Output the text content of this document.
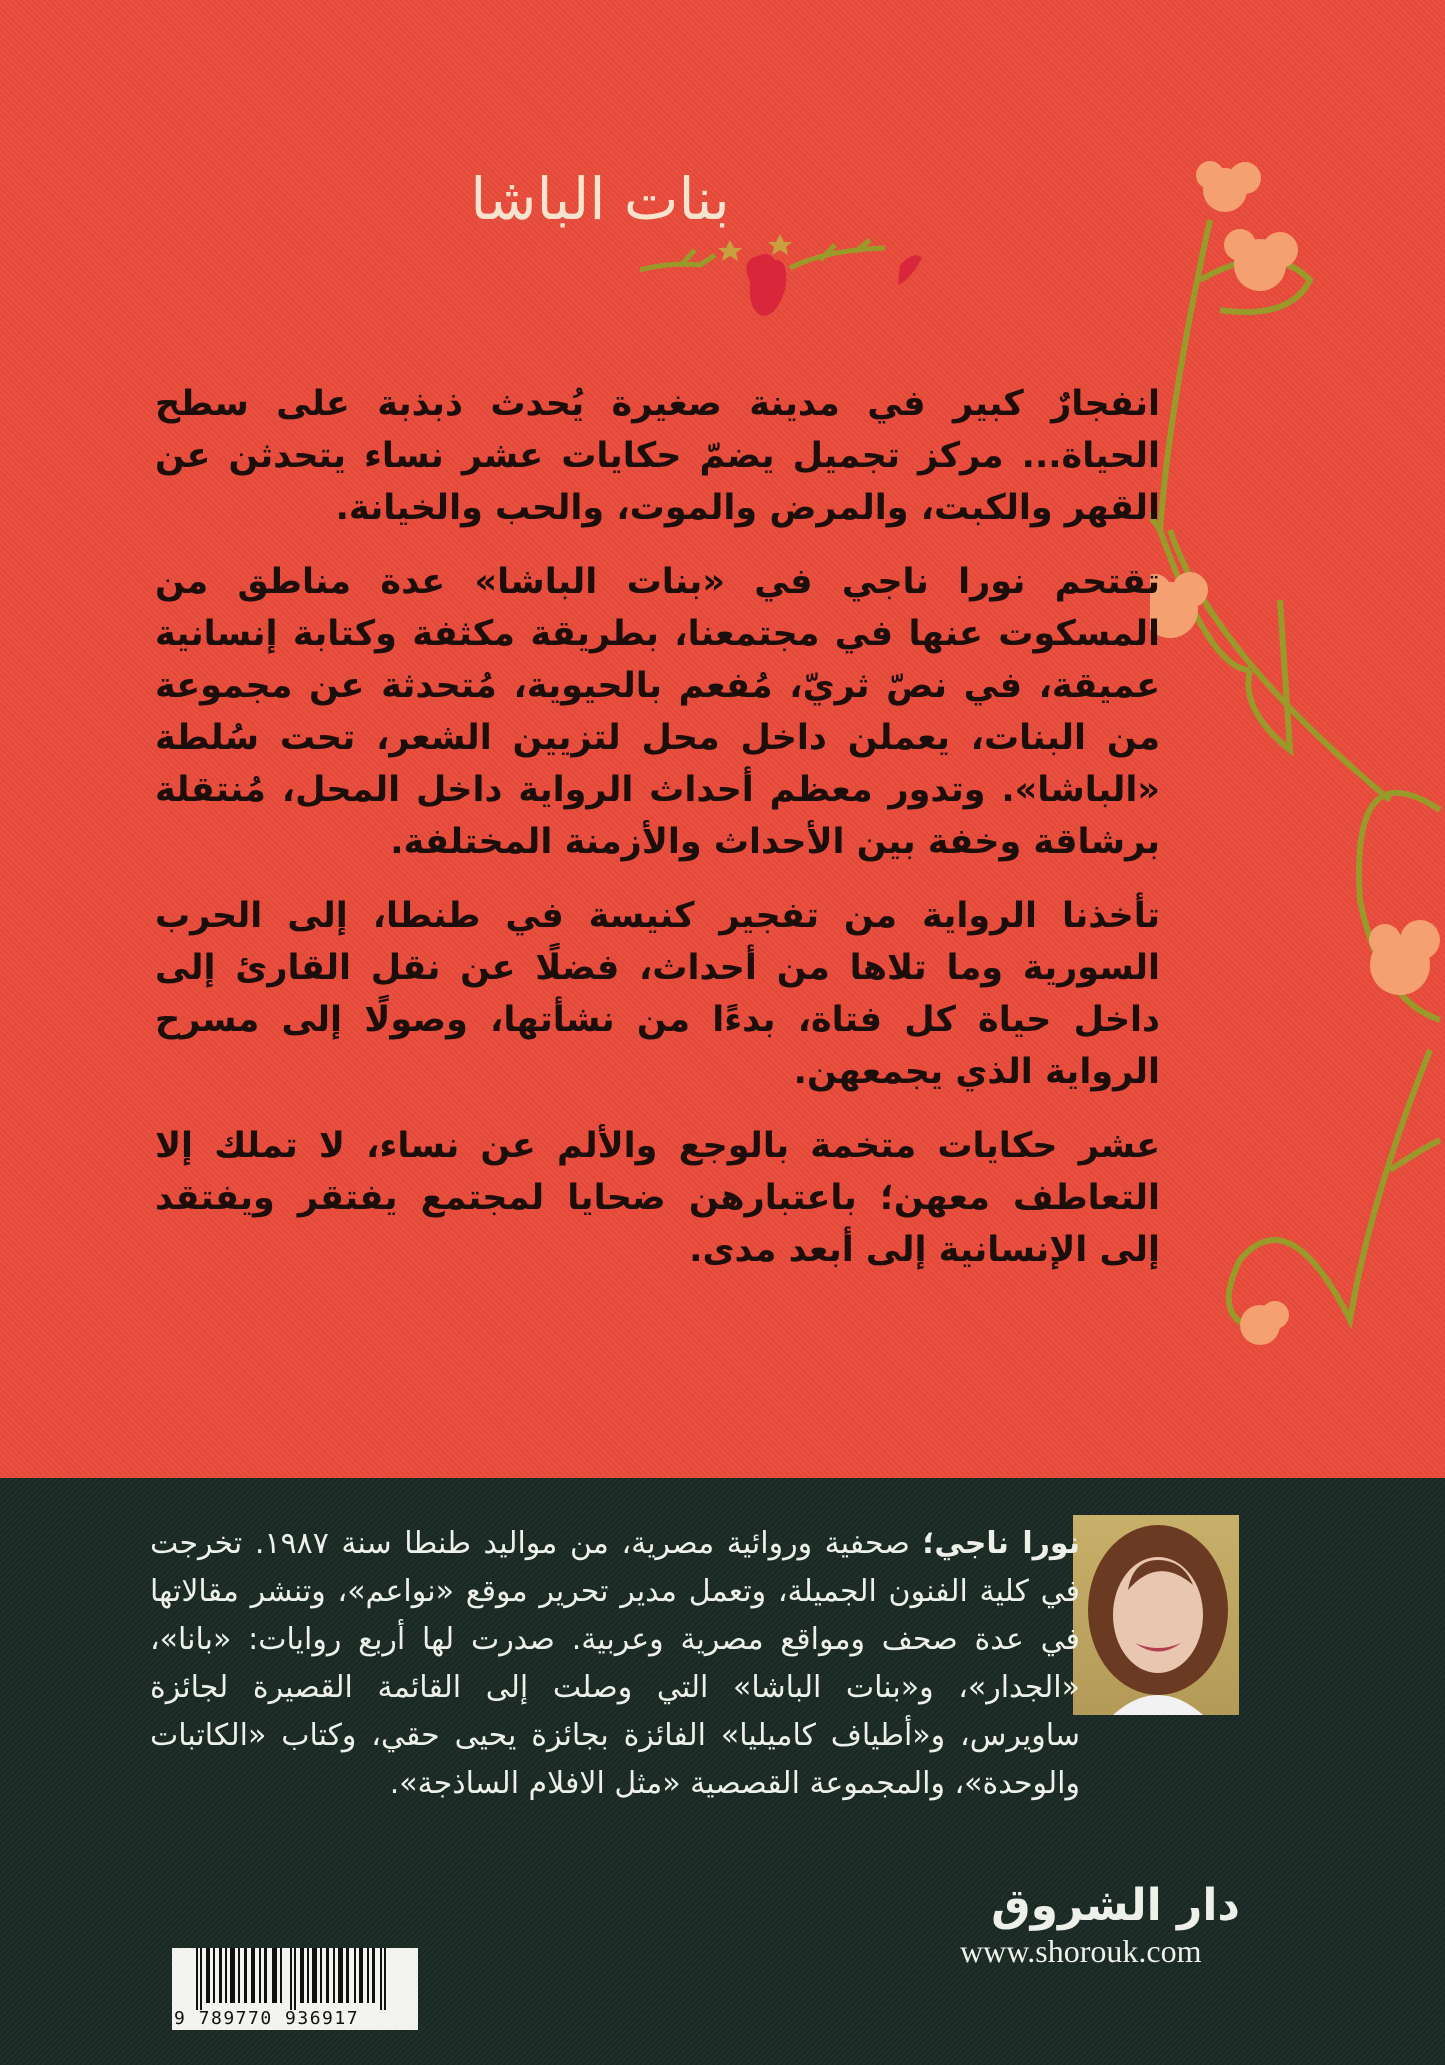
بنات الباشا

انفجارٌ كبير في مدينة صغيرة يُحدث ذبذبة على سطح الحياة... مركز تجميل يضمّ حكايات عشر نساء يتحدثن عن القهر والكبت، والمرض والموت، والحب والخيانة.

تقتحم نورا ناجي في «بنات الباشا» عدة مناطق من المسكوت عنها في مجتمعنا، بطريقة مكثفة وكتابة إنسانية عميقة، في نصّ ثريّ، مُفعم بالحيوية، مُتحدثة عن مجموعة من البنات، يعملن داخل محل لتزيين الشعر، تحت سُلطة «الباشا». وتدور معظم أحداث الرواية داخل المحل، مُنتقلة برشاقة وخفة بين الأحداث والأزمنة المختلفة.

تأخذنا الرواية من تفجير كنيسة في طنطا، إلى الحرب السورية وما تلاها من أحداث، فضلًا عن نقل القارئ إلى داخل حياة كل فتاة، بدءًا من نشأتها، وصولًا إلى مسرح الرواية الذي يجمعهن.

عشر حكايات متخمة بالوجع والألم عن نساء، لا تملك إلا التعاطف معهن؛ باعتبارهن ضحايا لمجتمع يفتقر ويفتقد إلى الإنسانية إلى أبعد مدى.

نورا ناجي؛ صحفية وروائية مصرية، من مواليد طنطا سنة ١٩٨٧. تخرجت في كلية الفنون الجميلة، وتعمل مدير تحرير موقع «نواعم»، وتنشر مقالاتها في عدة صحف ومواقع مصرية وعربية. صدرت لها أربع روايات: «بانا»، «الجدار»، و«بنات الباشا» التي وصلت إلى القائمة القصيرة لجائزة ساويرس، و«أطياف كاميليا» الفائزة بجائزة يحيى حقي، وكتاب «الكاتبات والوحدة»، والمجموعة القصصية «مثل الافلام الساذجة».
9 789770 936917
دار الشروق
www.shorouk.com
